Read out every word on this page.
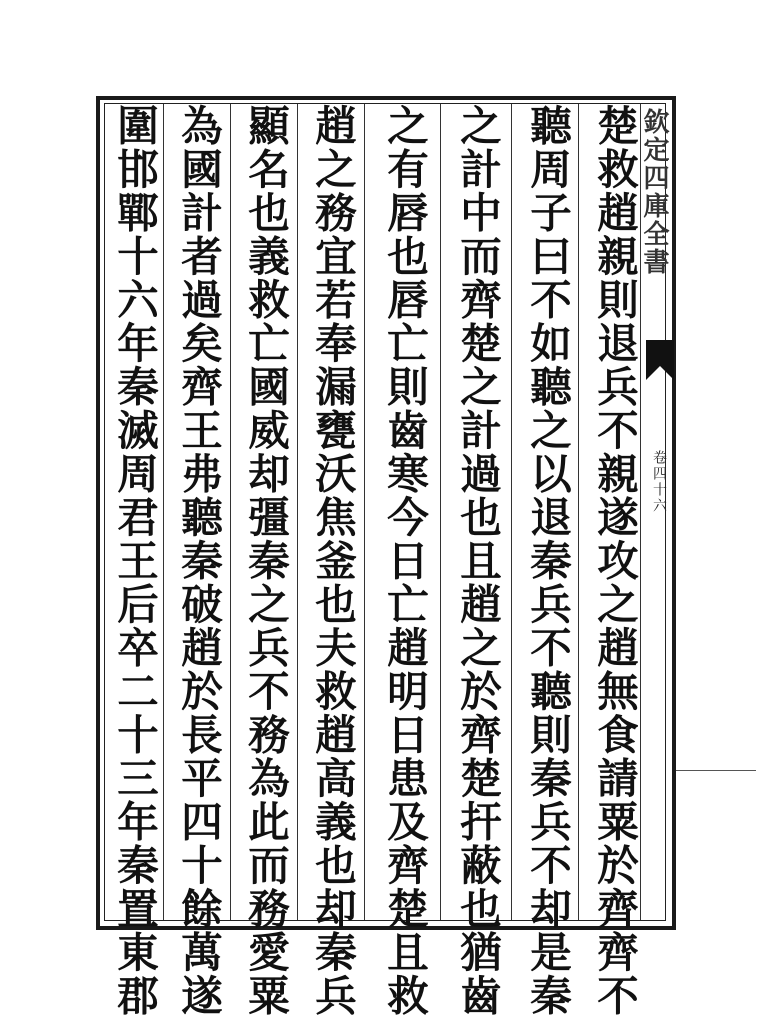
楚救趙親則退兵不親遂攻之趙無食請粟於齊齊不
聽周子曰不如聽之以退秦兵不聽則秦兵不却是秦
之計中而齊楚之計過也且趙之於齊楚扞蔽也猶齒
之有唇也唇亡則齒寒今日亡趙明日患及齊楚且救
趙之務宜若奉漏甕沃焦釜也夫救趙高義也却秦兵
顯名也義救亡國威却彊秦之兵不務為此而務愛粟
為國計者過矣齊王弗聽秦破趙於長平四十餘萬遂
圍邯鄲十六年秦滅周君王后卒二十三年秦置東郡	欽定四庫全書
卷四十六
